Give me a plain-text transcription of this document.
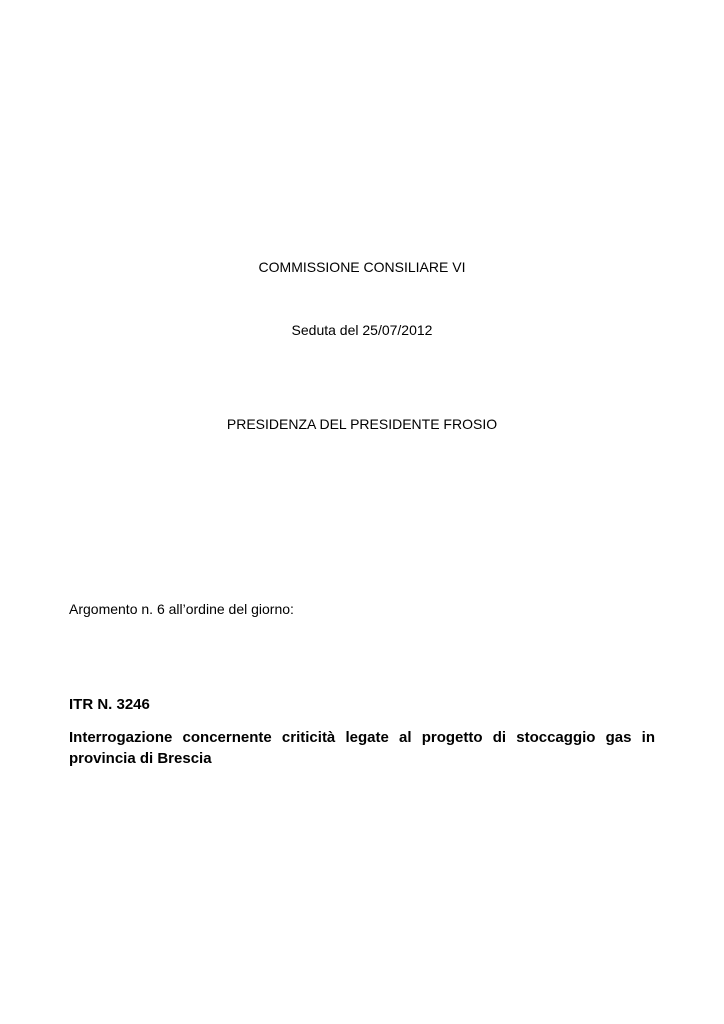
COMMISSIONE CONSILIARE VI
Seduta del 25/07/2012
PRESIDENZA DEL PRESIDENTE FROSIO
Argomento n. 6 all’ordine del giorno:
ITR N. 3246
Interrogazione concernente criticità legate al progetto di stoccaggio gas in provincia di Brescia
